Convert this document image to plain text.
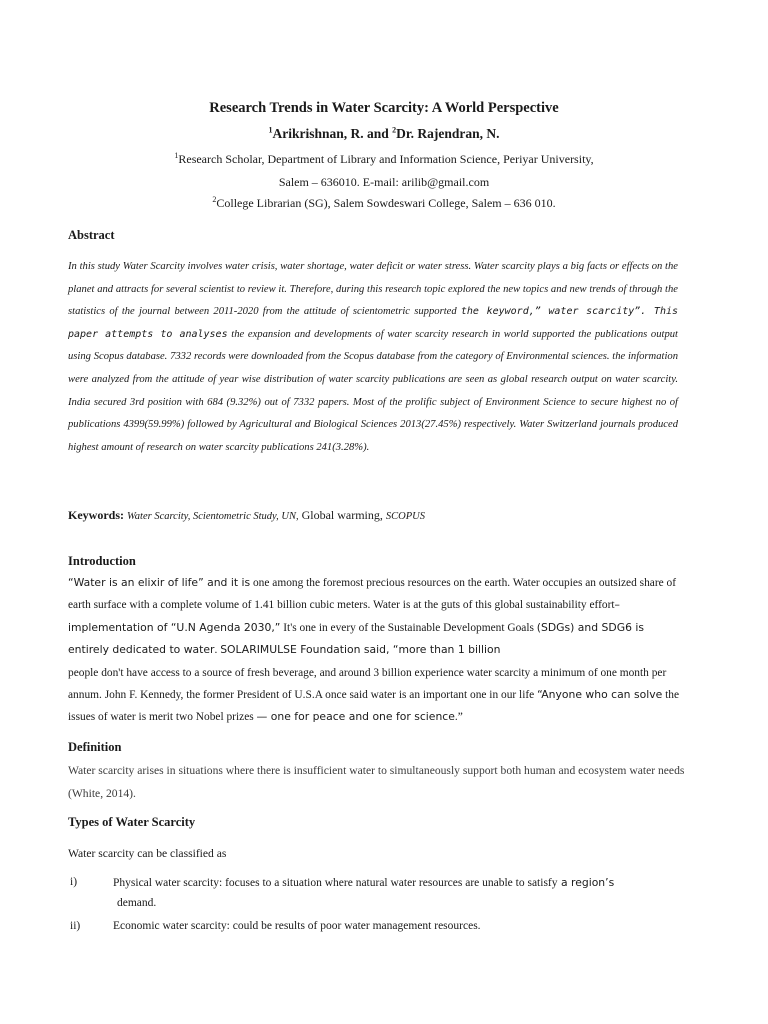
Research Trends in Water Scarcity: A World Perspective
$^1$Arikrishnan, R. and $^2$Dr. Rajendran, N.
$^1$Research Scholar, Department of Library and Information Science, Periyar University,
Salem – 636010. E-mail: arilib@gmail.com
$^2$College Librarian (SG), Salem Sowdeswari College, Salem – 636 010.
Abstract
In this study Water Scarcity involves water crisis, water shortage, water deficit or water stress. Water scarcity plays a big facts or effects on the planet and attracts for several scientist to review it. Therefore, during this research topic explored the new topics and new trends of through the statistics of the journal between 2011-2020 from the attitude of scientometric supported the keyword,” water scarcity”. This paper attempts to analyses the expansion and developments of water scarcity research in world supported the publications output using Scopus database. 7332 records were downloaded from the Scopus database from the category of Environmental sciences. the information were analyzed from the attitude of year wise distribution of water scarcity publications are seen as global research output on water scarcity. India secured 3rd position with 684 (9.32%) out of 7332 papers. Most of the prolific subject of Environment Science to secure highest no of publications 4399(59.99%) followed by Agricultural and Biological Sciences 2013(27.45%) respectively. Water Switzerland journals produced highest amount of research on water scarcity publications 241(3.28%).
Keywords: Water Scarcity, Scientometric Study, UN, Global warming, SCOPUS
Introduction

“Water is an elixir of life” and it is one among the foremost precious resources on the earth. Water occupies an outsized share of earth surface with a complete volume of 1.41 billion cubic meters. Water is at the guts of this global sustainability effort–implementation of “U.N Agenda 2030,” It's one in every of the Sustainable Development Goals (SDGs) and SDG6 is entirely dedicated to water. SOLARIMULSE Foundation said, “more than 1 billion

people don't have access to a source of fresh beverage, and around 3 billion experience water scarcity a minimum of one month per annum. John F. Kennedy, the former President of U.S.A once said water is an important one in our life “Anyone who can solve the issues of water is merit two Nobel prizes — one for peace and one for science.”

Definition
Water scarcity arises in situations where there is insufficient water to simultaneously support both human and ecosystem water needs (White, 2014).
Types of Water Scarcity
Water scarcity can be classified as
i)	Physical water scarcity: focuses to a situation where natural water resources are unable to satisfy a region’s
demand.
ii)	Economic water scarcity: could be results of poor water management resources.
